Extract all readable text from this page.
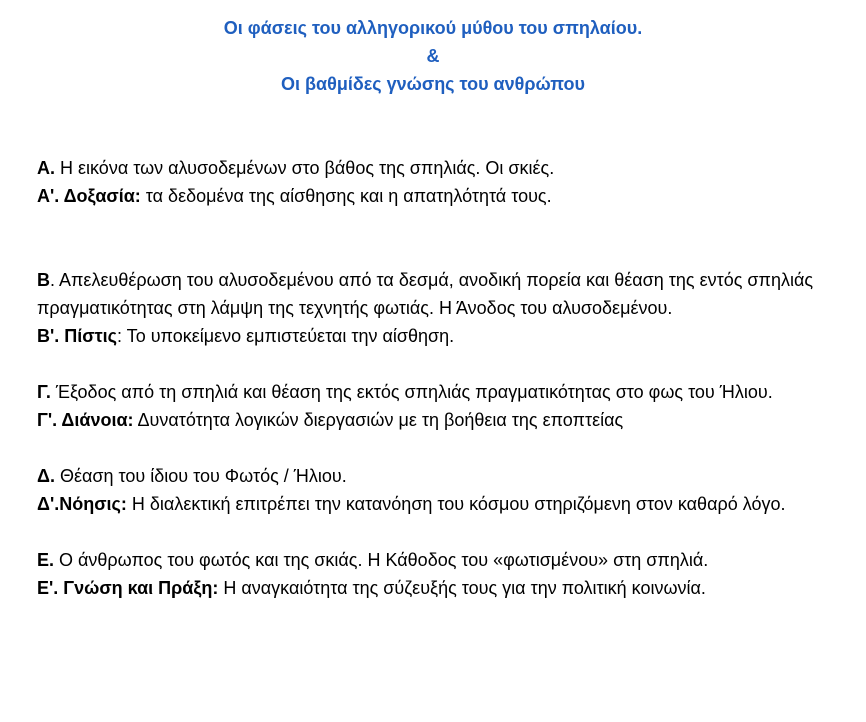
Οι φάσεις του αλληγορικού μύθου του σπηλαίου.
&
Οι βαθμίδες γνώσης του ανθρώπου

Α. Η εικόνα των αλυσοδεμένων στο βάθος της σπηλιάς. Οι σκιές.

Α'. Δοξασία: τα δεδομένα της αίσθησης και η απατηλότητά τους.

Β. Απελευθέρωση του αλυσοδεμένου από τα δεσμά, ανοδική πορεία και θέαση της εντός σπηλιάς πραγματικότητας στη λάμψη της τεχνητής φωτιάς. Η Άνοδος του αλυσοδεμένου.

Β'. Πίστις: Το υποκείμενο εμπιστεύεται την αίσθηση.

Γ. Έξοδος από τη σπηλιά και θέαση της εκτός σπηλιάς πραγματικότητας στο φως του Ήλιου.

Γ'. Διάνοια: Δυνατότητα λογικών διεργασιών με τη βοήθεια της εποπτείας

Δ. Θέαση του ίδιου του Φωτός / Ήλιου.

Δ'.Νόησις: Η διαλεκτική επιτρέπει την κατανόηση του κόσμου στηριζόμενη στον καθαρό λόγο.

Ε. Ο άνθρωπος του φωτός και της σκιάς. Η Κάθοδος του «φωτισμένου» στη σπηλιά.

Ε'. Γνώση και Πράξη: Η αναγκαιότητα της σύζευξής τους για την πολιτική κοινωνία.
